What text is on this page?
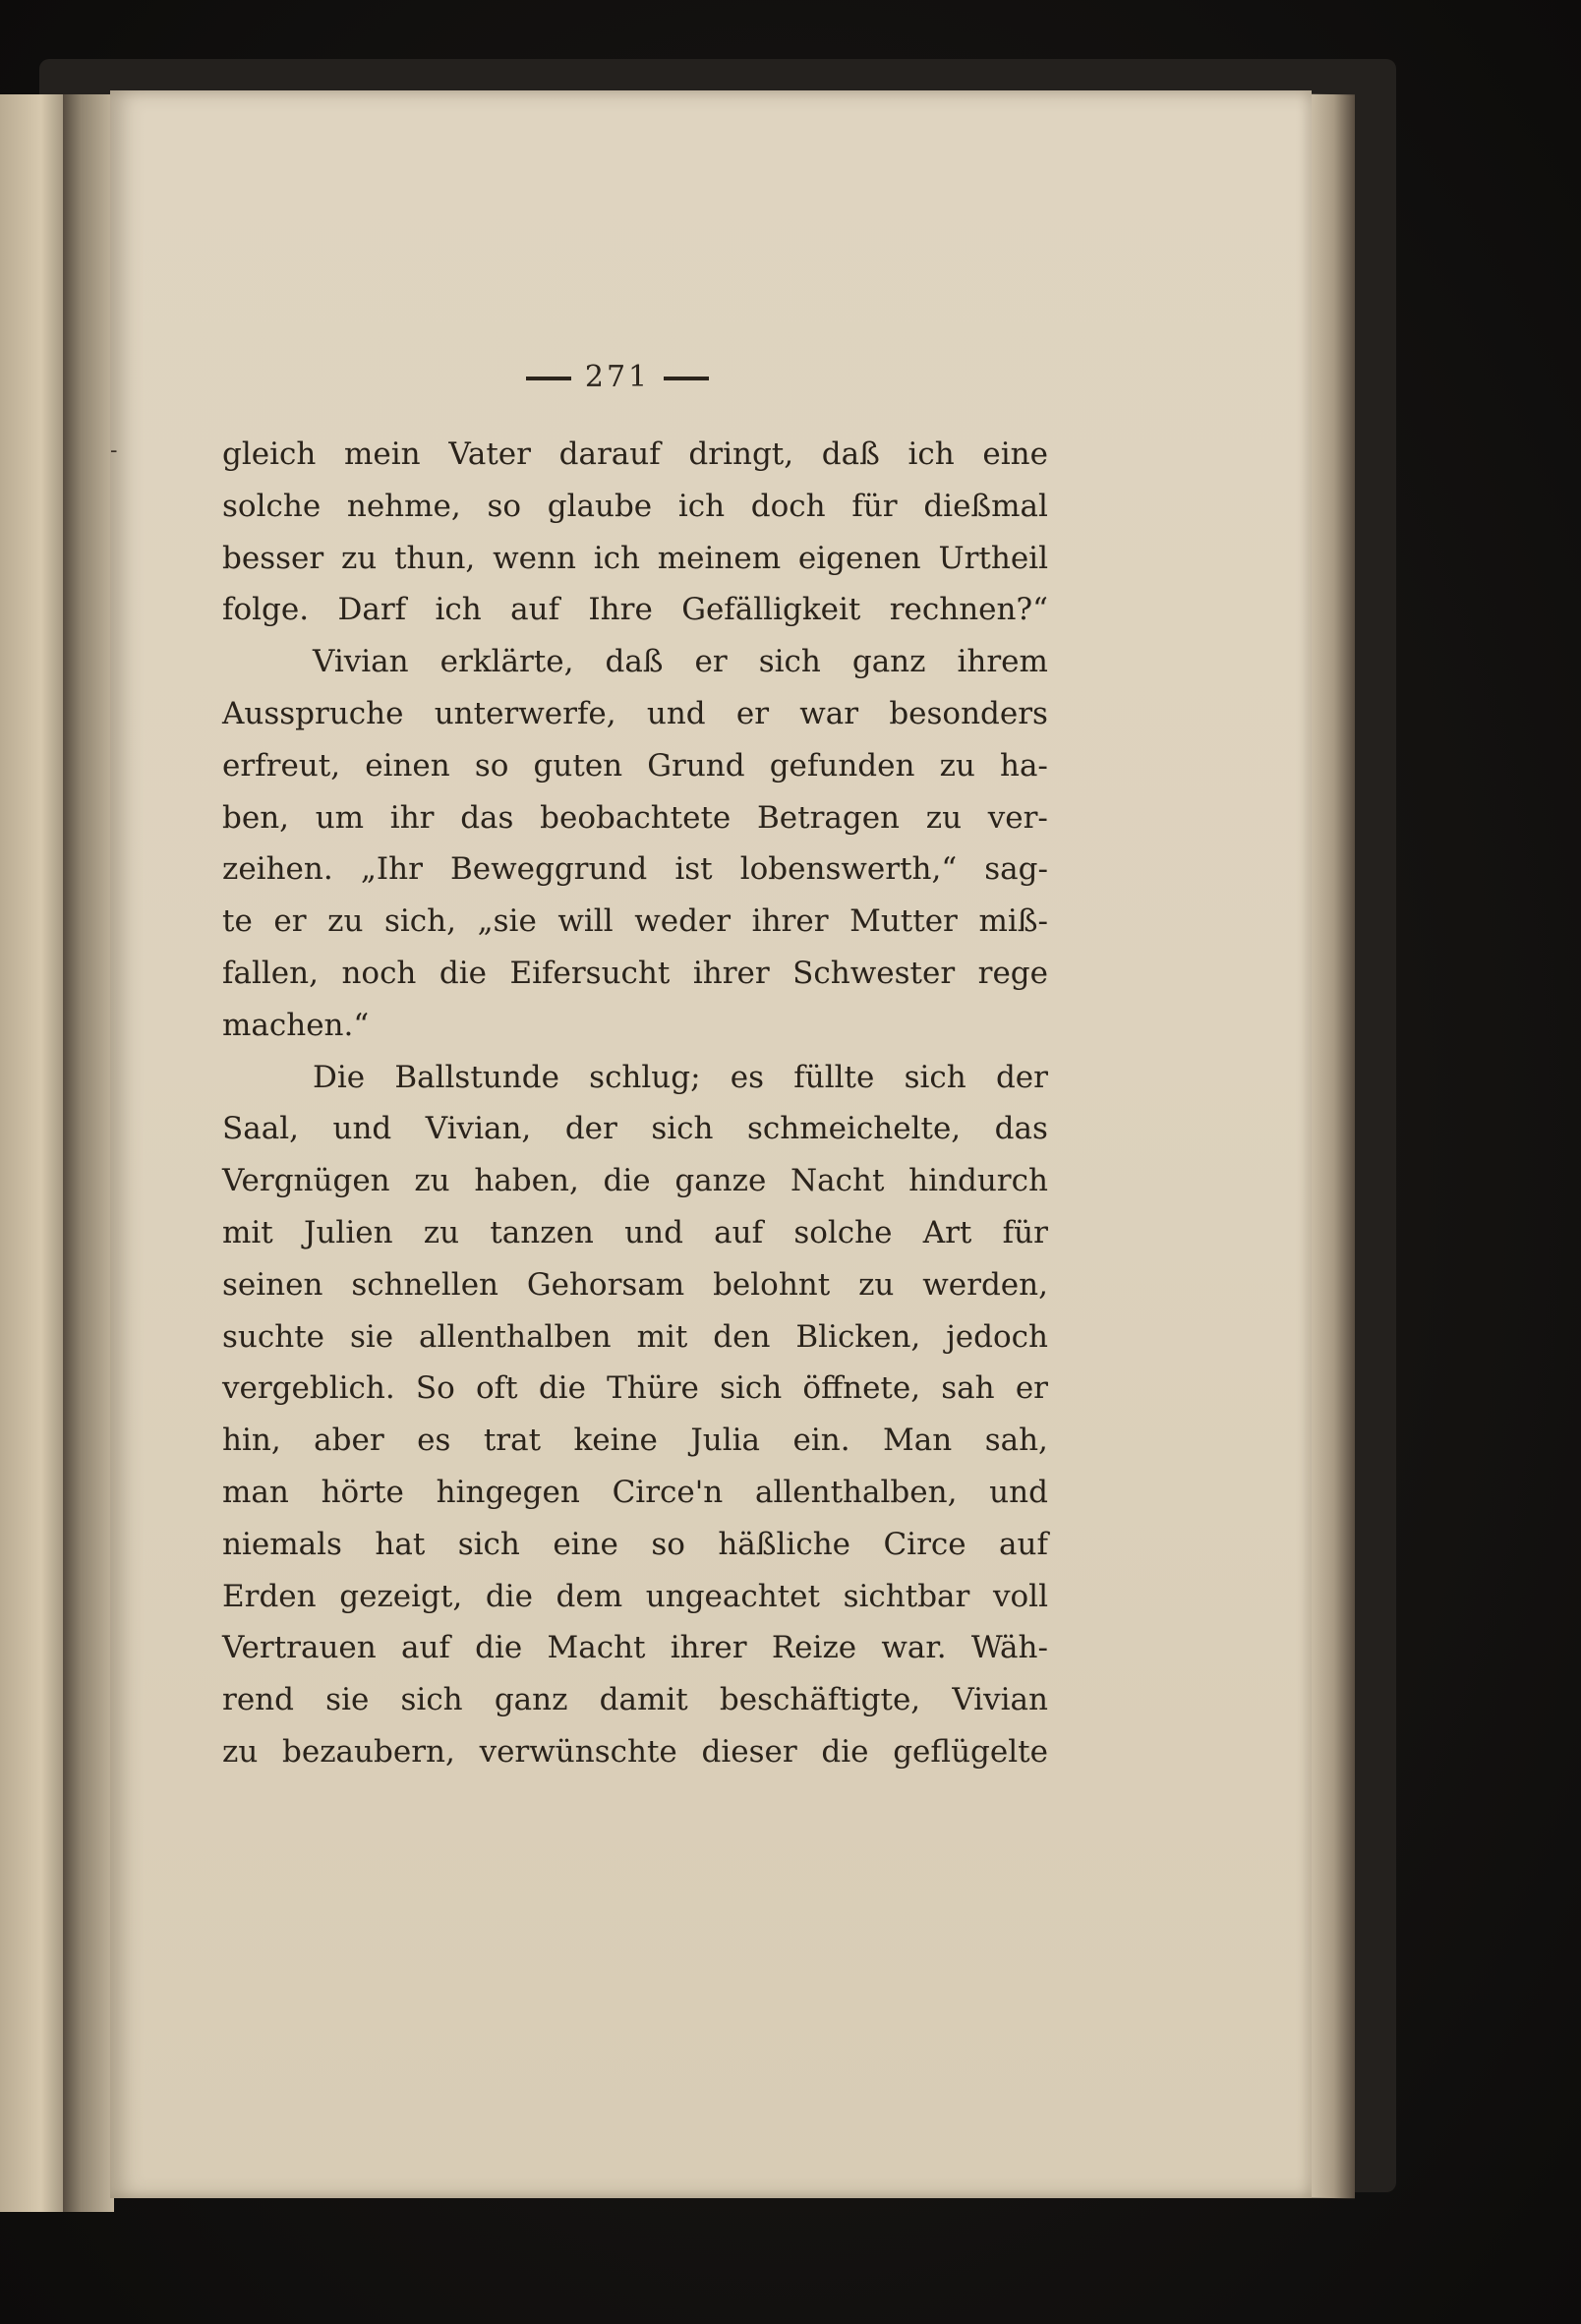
271
-	gleich mein Vater darauf dringt, daß ich eine
solche nehme, so glaube ich doch für dießmal
besser zu thun, wenn ich meinem eigenen Urtheil
folge. Darf ich auf Ihre Gefälligkeit rechnen?“
Vivian erklärte, daß er sich ganz ihrem
Ausspruche unterwerfe, und er war besonders
erfreut, einen so guten Grund gefunden zu ha-
ben, um ihr das beobachtete Betragen zu ver-
zeihen. „Ihr Beweggrund ist lobenswerth,“ sag-
te er zu sich, „sie will weder ihrer Mutter miß-
fallen, noch die Eifersucht ihrer Schwester rege
machen.“
Die Ballstunde schlug; es füllte sich der
Saal, und Vivian, der sich schmeichelte, das
Vergnügen zu haben, die ganze Nacht hindurch
mit Julien zu tanzen und auf solche Art für
seinen schnellen Gehorsam belohnt zu werden,
suchte sie allenthalben mit den Blicken, jedoch
vergeblich. So oft die Thüre sich öffnete, sah er
hin, aber es trat keine Julia ein. Man sah,
man hörte hingegen Circe'n allenthalben, und
niemals hat sich eine so häßliche Circe auf
Erden gezeigt, die dem ungeachtet sichtbar voll
Vertrauen auf die Macht ihrer Reize war. Wäh-
rend sie sich ganz damit beschäftigte, Vivian
zu bezaubern, verwünschte dieser die geflügelte
